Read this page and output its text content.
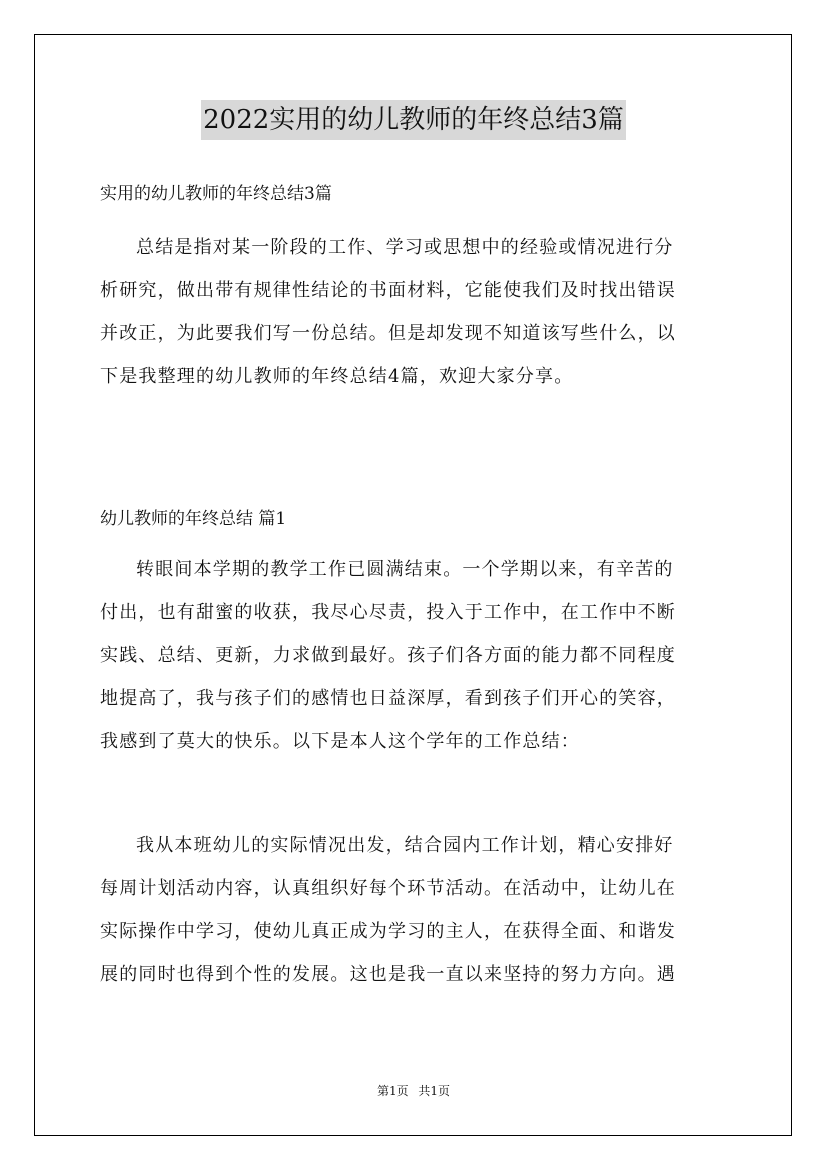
2022实用的幼儿教师的年终总结3篇
实用的幼儿教师的年终总结3篇
总结是指对某一阶段的工作、学习或思想中的经验或情况进行分
析研究，做出带有规律性结论的书面材料，它能使我们及时找出错误
并改正，为此要我们写一份总结。但是却发现不知道该写些什么，以
下是我整理的幼儿教师的年终总结4篇，欢迎大家分享。
幼儿教师的年终总结 篇1
转眼间本学期的教学工作已圆满结束。一个学期以来，有辛苦的
付出，也有甜蜜的收获，我尽心尽责，投入于工作中，在工作中不断
实践、总结、更新，力求做到最好。孩子们各方面的能力都不同程度
地提高了，我与孩子们的感情也日益深厚，看到孩子们开心的笑容，
我感到了莫大的快乐。以下是本人这个学年的工作总结：
我从本班幼儿的实际情况出发，结合园内工作计划，精心安排好
每周计划活动内容，认真组织好每个环节活动。在活动中，让幼儿在
实际操作中学习，使幼儿真正成为学习的主人，在获得全面、和谐发
展的同时也得到个性的发展。这也是我一直以来坚持的努力方向。遇
第1页 共1页
